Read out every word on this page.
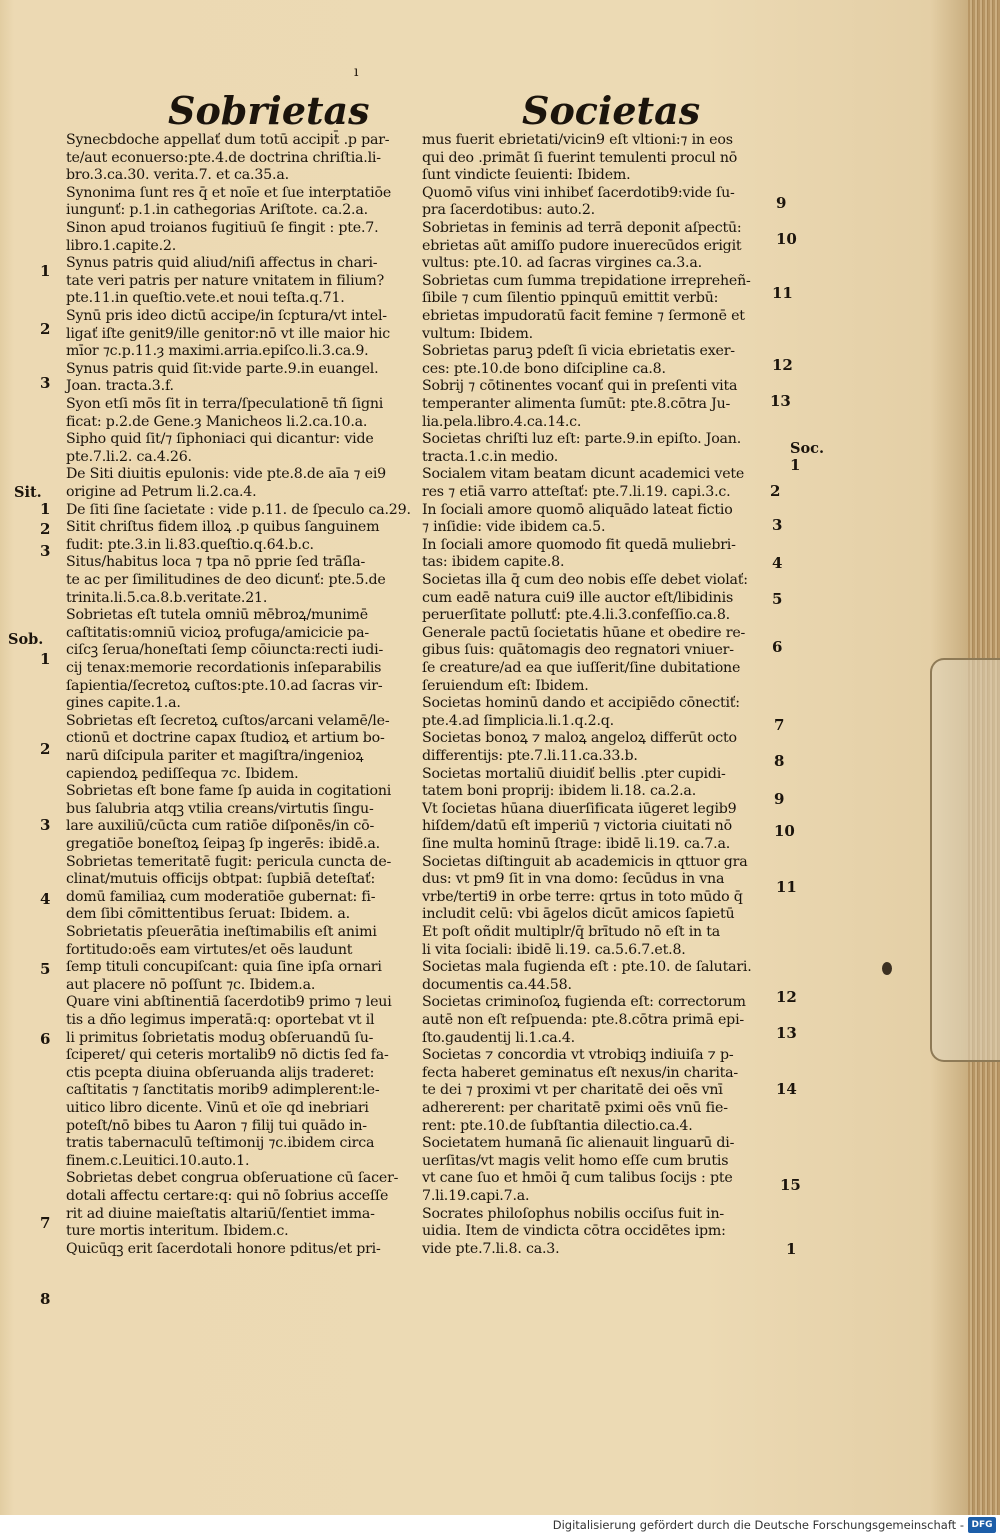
ı
Sobrietas	Societas
Synecbdoche appellať dum totū accipit̄ .p par-
te/aut econuerso:pte.4.de doctrina chriſtia.li-
bro.3.ca.30. verita.7. et ca.35.a.
Synonima ſunt res q̄ et noīe et ſue interptatiōe
iungunť: p.1.in cathegorias Ariſtote. ca.2.a.
Sinon apud troianos fugitiuū ſe fingit : pte.7.
libro.1.capite.2.
Synus patris quid aliud/niſi affectus in chari-
tate veri patris per nature vnitatem in filium?
pte.11.in queſtio.vete.et noui teſta.q.71.
Synū pris ideo dictū accipe/in ſcptura/vt intel-
ligať iſte genit9/ille genitor:nō vt ille maior hic
mīor ⁊c.p.11.ȝ maximi.arria.epiſco.li.3.ca.9.
Synus patris quid ſit:vide parte.9.in euangel.
Joan. tracta.3.f.
Syon etſi mōs ſit in terra/ſpeculationē tñ ſigni
ficat: p.2.de Gene.ȝ Manicheos li.2.ca.10.a.
Sipho quid ſit/⁊ ſiphoniaci qui dicantur: vide
pte.7.li.2. ca.4.26.
De Siti diuitis epulonis: vide pte.8.de aīa ⁊ ei9
origine ad Petrum li.2.ca.4.
De ſiti ſine ſacietate : vide p.11. de ſpeculo ca.29.
Sitit chriſtus fidem illoꝝ .p quibus ſanguinem
fudit: pte.3.in li.83.queſtio.q.64.b.c.
Situs/habitus loca ⁊ tpa nō pprie ſed trāſla-
te ac per ſimilitudines de deo dicunť: pte.5.de
trinita.li.5.ca.8.b.veritate.21.
Sobrietas eſt tutela omniū mēbroꝝ/munimē
caſtitatis:omniū vicioꝝ profuga/amicicie pa-
ciſcꝫ ſerua/honeſtati ſemp cōiuncta:recti iudi-
cij tenax:memorie recordationis inſeparabilis
ſapientia/ſecretoꝝ cuſtos:pte.10.ad ſacras vir-
gines capite.1.a.
Sobrietas eſt ſecretoꝝ cuſtos/arcani velamē/le-
ctionū et doctrine capax ſtudioꝝ et artium bo-
narū diſcipula pariter et magiſtra/ingenioꝝ
capiendoꝝ pediſſequa ⁊c. Ibidem.
Sobrietas eſt bone fame ſp auida in cogitationi
bus ſalubria atqꝫ vtilia creans/virtutis ſingu-
lare auxiliū/cūcta cum ratiōe diſponēs/in cō-
gregatiōe boneſtoꝝ ſeipaꝫ ſp ingerēs: ibidē.a.
Sobrietas temeritatē fugit: pericula cuncta de-
clinat/mutuis officijs obtpat: ſupbiā deteſtať:
domū familiaꝝ cum moderatiōe gubernat: fi-
dem ſibi cōmittentibus ſeruat: Ibidem. a.
Sobrietatis pſeuerātia ineſtimabilis eſt animi
fortitudo:oēs eam virtutes/et oēs laudunt
ſemp tituli concupiſcant: quia ſine ipſa ornari
aut placere nō poſſunt ⁊c. Ibidem.a.
Quare vini abſtinentiā ſacerdotib9 primo ⁊ leui
tis a dño legimus imperatā:q: oportebat vt il
li primitus ſobrietatis moduꝫ obſeruandū ſu-
ſciperet/ qui ceteris mortalib9 nō dictis ſed fa-
ctis pcepta diuina obſeruanda alijs traderet:
caſtitatis ⁊ ſanctitatis morib9 adimplerent:le-
uitico libro dicente. Vinū et oīe qd inebriari
poteſt/nō bibes tu Aaron ⁊ filij tui quādo in-
tratis tabernaculū teſtimonij ⁊c.ibidem circa
finem.c.Leuitici.10.auto.1.
Sobrietas debet congrua obſeruatione cū ſacer-
dotali affectu certare:q: qui nō ſobrius acceſſe
rit ad diuine maieſtatis altariū/ſentiet imma-
ture mortis interitum. Ibidem.c.
Quicūqꝫ erit ſacerdotali honore pditus/et pri-
mus fuerit ebrietati/vicin9 eſt vltioni:⁊ in eos
qui deo .primāt ſi fuerint temulenti procul nō
ſunt vindicte ſeuienti: Ibidem.
Quomō viſus vini inhibeť ſacerdotib9:vide ſu-
pra ſacerdotibus: auto.2.
Sobrietas in feminis ad terrā deponit aſpectū:
ebrietas aūt amiſſo pudore inuerecūdos erigit
vultus: pte.10. ad ſacras virgines ca.3.a.
Sobrietas cum ſumma trepidatione irrepreheñ-
ſibile ⁊ cum ſilentio ppinquū emittit verbū:
ebrietas impudoratū facit femine ⁊ ſermonē et
vultum: Ibidem.
Sobrietas paruꝫ pdeſt ſi vicia ebrietatis exer-
ces: pte.10.de bono diſcipline ca.8.
Sobrij ⁊ cōtinentes vocanť qui in preſenti vita
temperanter alimenta ſumūt: pte.8.cōtra Ju-
lia.pela.libro.4.ca.14.c.
Societas chriſti luz eſt: parte.9.in epiſto. Joan.
tracta.1.c.in medio.
Socialem vitam beatam dicunt academici vete
res ⁊ etiā varro atteſtať: pte.7.li.19. capi.3.c.
In ſociali amore quomō aliquādo lateat fictio
⁊ inſidie: vide ibidem ca.5.
In ſociali amore quomodo fit quedā muliebri-
tas: ibidem capite.8.
Societas illa q̄ cum deo nobis eſſe debet violať:
cum eadē natura cui9 ille auctor eſt/libidinis
peruerſitate pollutť: pte.4.li.3.confeſſio.ca.8.
Generale pactū ſocietatis hūane et obedire re-
gibus ſuis: quātomagis deo regnatori vniuer-
ſe creature/ad ea que iuſſerit/ſine dubitatione
ſeruiendum eſt: Ibidem.
Societas hominū dando et accipiēdo cōnectiť:
pte.4.ad ſimplicia.li.1.q.2.q.
Societas bonoꝝ ⁊ maloꝝ angeloꝝ differūt octo
differentijs: pte.7.li.11.ca.33.b.
Societas mortaliū diuidiť bellis .pter cupidi-
tatem boni proprij: ibidem li.18. ca.2.a.
Vt ſocietas hūana diuerſificata iūgeret legib9
hiſdem/datū eſt imperiū ⁊ victoria ciuitati nō
ſine multa hominū ſtrage: ibidē li.19. ca.7.a.
Societas diſtinguit ab academicis in qttuor gra
dus: vt pm9 ſit in vna domo: ſecūdus in vna
vrbe/terti9 in orbe terre: qrtus in toto mūdo q̄
includit celū: vbi āgelos dicūt amicos ſapietū
Et poſt oñdit multiplr/q̄ brītudo nō eſt in ta
li vita ſociali: ibidē li.19. ca.5.6.7.et.8.
Societas mala fugienda eſt : pte.10. de ſalutari.
documentis ca.44.58.
Societas criminoſoꝝ fugienda eſt: correctorum
autē non eſt reſpuenda: pte.8.cōtra primā epi-
ſto.gaudentij li.1.ca.4.
Societas ⁊ concordia vt vtrobiqꝫ indiuiſa ⁊ p-
fecta haberet geminatus eſt nexus/in charita-
te dei ⁊ proximi vt per charitatē dei oēs vnī
adhererent: per charitatē pximi oēs vnū fie-
rent: pte.10.de ſubſtantia dilectio.ca.4.
Societatem humanā ſic alienauit linguarū di-
uerſitas/vt magis velit homo eſſe cum brutis
vt cane ſuo et hmōi q̄ cum talibus ſocijs : pte
7.li.19.capi.7.a.
Socrates philoſophus nobilis occiſus fuit in-
uidia. Item de vindicta cōtra occidētes ipm:
vide pte.7.li.8. ca.3.
1
2
3
1
2
3
1
2
3
4
5
6
7
8
Sit.
Sob.
9
10
11
12
13
1
2
3
4
5
6
7
8
9
10
11
12
13
14
15
1
Soc.
Digitalisierung gefördert durch die Deutsche Forschungsgemeinschaft - DFG
